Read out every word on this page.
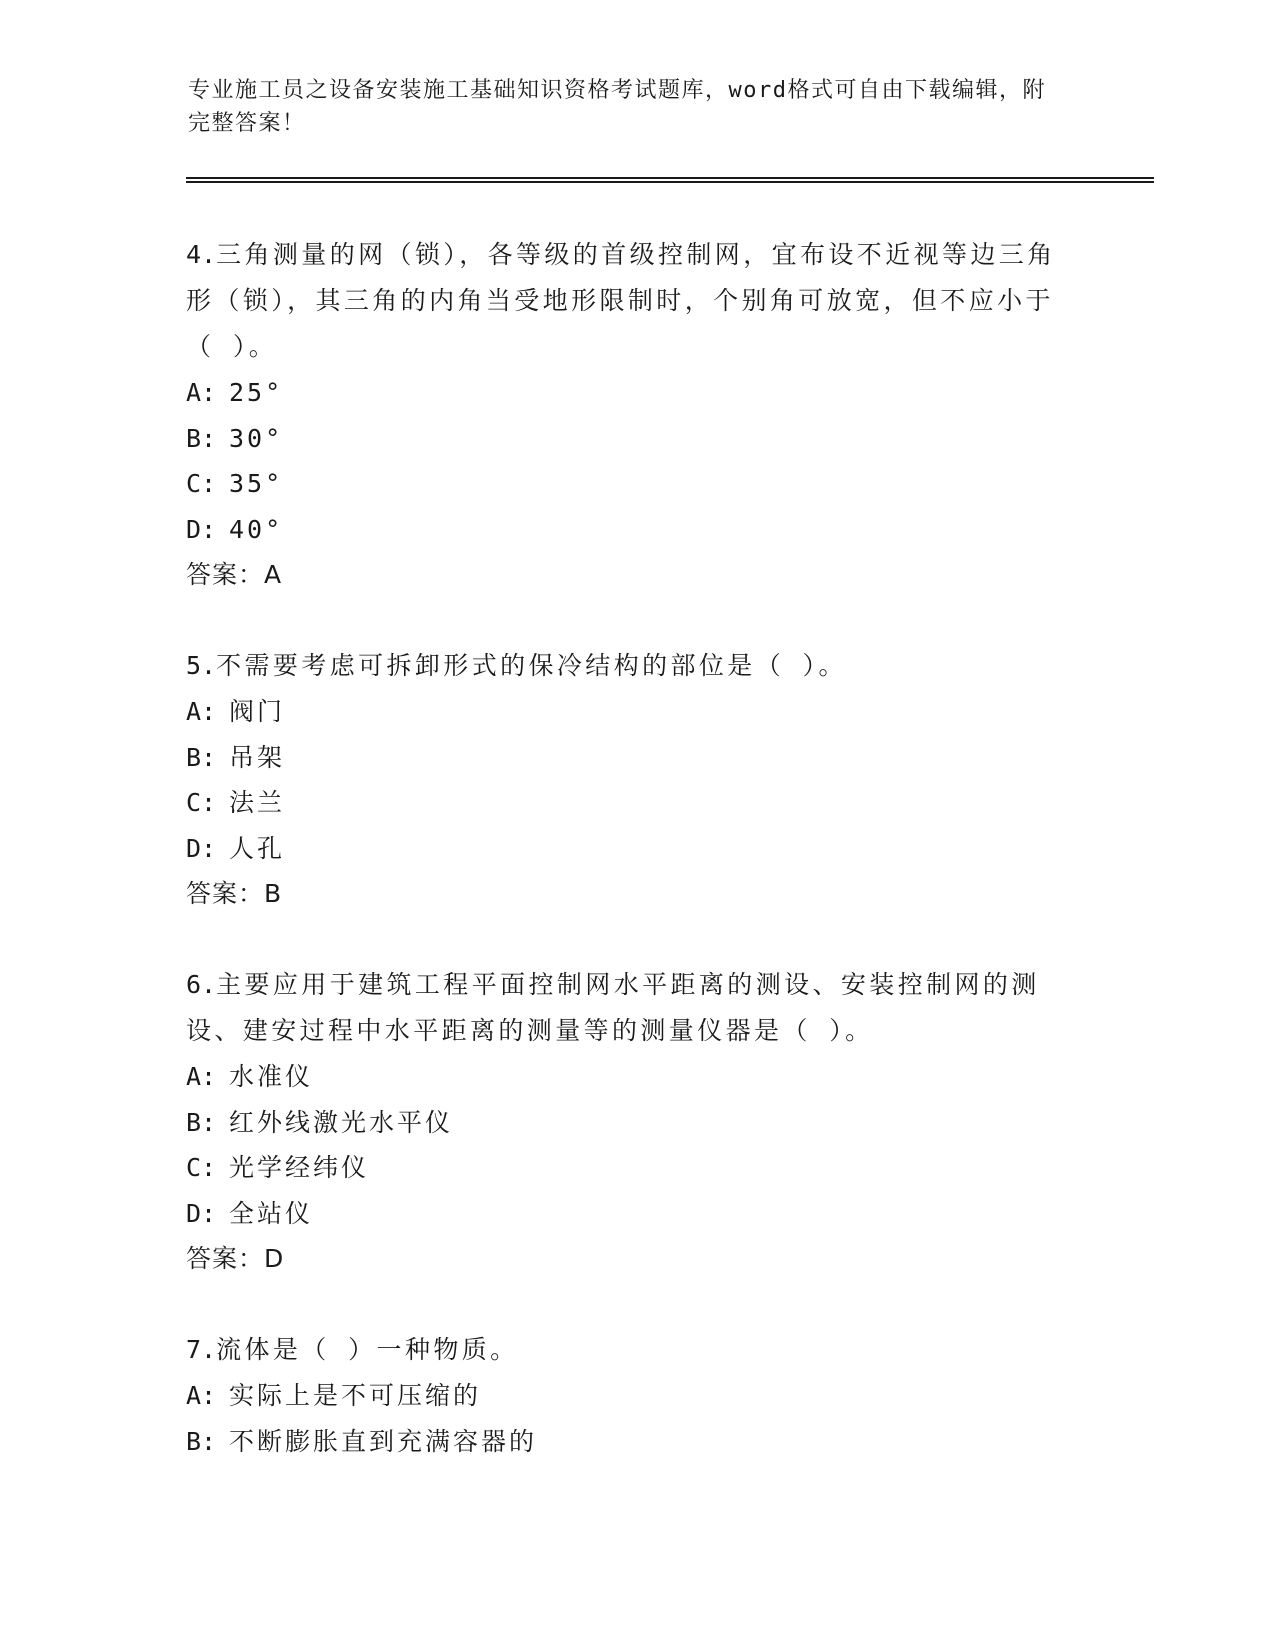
专业施工员之设备安装施工基础知识资格考试题库，word格式可自由下载编辑，附完整答案！
4.三角测量的网（锁），各等级的首级控制网，宜布设不近视等边三角形（锁），其三角的内角当受地形限制时，个别角可放宽，但不应小于（ ）。
A: 25°
B: 30°
C: 35°
D: 40°
答案：A
5.不需要考虑可拆卸形式的保冷结构的部位是（ ）。
A: 阀门
B: 吊架
C: 法兰
D: 人孔
答案：B
6.主要应用于建筑工程平面控制网水平距离的测设、安装控制网的测设、建安过程中水平距离的测量等的测量仪器是（ ）。
A: 水准仪
B: 红外线激光水平仪
C: 光学经纬仪
D: 全站仪
答案：D
7.流体是（ ）一种物质。
A: 实际上是不可压缩的
B: 不断膨胀直到充满容器的
